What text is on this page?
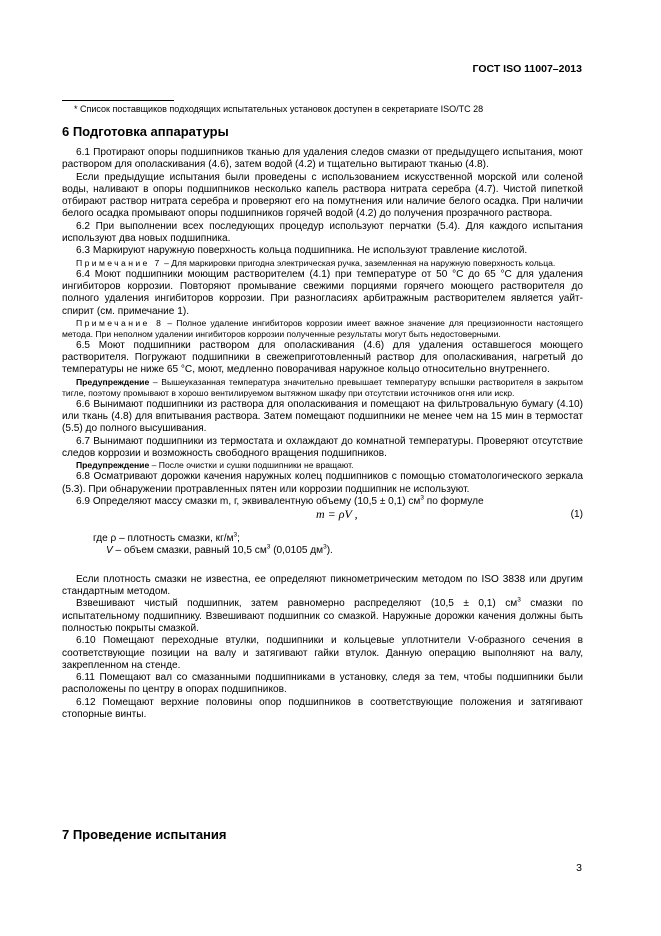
ГОСТ ISO 11007–2013
* Список поставщиков подходящих испытательных установок доступен в секретариате ISO/TC 28
6 Подготовка аппаратуры

6.1 Протирают опоры подшипников тканью для удаления следов смазки от предыдущего испытания, моют раствором для ополаскивания (4.6), затем водой (4.2) и тщательно вытирают тканью (4.8).

Если предыдущие испытания были проведены с использованием искусственной морской или соленой воды, наливают в опоры подшипников несколько капель раствора нитрата серебра (4.7). Чистой пипеткой отбирают раствор нитрата серебра и проверяют его на помутнения или наличие белого осадка. При наличии белого осадка промывают опоры подшипников горячей водой (4.2) до получения прозрачного раствора.

6.2 При выполнении всех последующих процедур используют перчатки (5.4). Для каждого испытания используют два новых подшипника.

6.3 Маркируют наружную поверхность кольца подшипника. Не используют травление кислотой.

Примечание 7 – Для маркировки пригодна электрическая ручка, заземленная на наружную поверхность кольца.

6.4 Моют подшипники моющим растворителем (4.1) при температуре от 50 °С до 65 °С для удаления ингибиторов коррозии. Повторяют промывание свежими порциями горячего моющего растворителя до полного удаления ингибиторов коррозии. При разногласиях арбитражным растворителем является уайт-спирит (см. примечание 1).

Примечание 8 – Полное удаление ингибиторов коррозии имеет важное значение для прецизионности настоящего метода. При неполном удалении ингибиторов коррозии полученные результаты могут быть недостоверными.

6.5 Моют подшипники раствором для ополаскивания (4.6) для удаления оставшегося моющего растворителя. Погружают подшипники в свежеприготовленный раствор для ополаскивания, нагретый до температуры не ниже 65 °С, моют, медленно поворачивая наружное кольцо относительно внутреннего.

Предупреждение – Вышеуказанная температура значительно превышает температуру вспышки растворителя в закрытом тигле, поэтому промывают в хорошо вентилируемом вытяжном шкафу при отсутствии источников огня или искр.

6.6 Вынимают подшипники из раствора для ополаскивания и помещают на фильтровальную бумагу (4.10) или ткань (4.8) для впитывания раствора. Затем помещают подшипники не менее чем на 15 мин в термостат (5.5) до полного высушивания.

6.7 Вынимают подшипники из термостата и охлаждают до комнатной температуры. Проверяют отсутствие следов коррозии и возможность свободного вращения подшипников.

Предупреждение – После очистки и сушки подшипники не вращают.

6.8 Осматривают дорожки качения наружных колец подшипников с помощью стоматологического зеркала (5.3). При обнаружении протравленных пятен или коррозии подшипник не используют.

6.9 Определяют массу смазки m, г, эквивалентную объему (10,5 ± 0,1) $см^3$ по формуле

m = ρV ,	(1)

где ρ – плотность смазки, $кг/м^3$;

V – объем смазки, равный 10,5 $см^3$ (0,0105 $дм^3$).

Если плотность смазки не известна, ее определяют пикнометрическим методом по ISO 3838 или другим стандартным методом.

Взвешивают чистый подшипник, затем равномерно распределяют (10,5 ± 0,1) $см^3$ смазки по испытательному подшипнику. Взвешивают подшипник со смазкой. Наружные дорожки качения должны быть полностью покрыты смазкой.

6.10 Помещают переходные втулки, подшипники и кольцевые уплотнители V-образного сечения в соответствующие позиции на валу и затягивают гайки втулок. Данную операцию выполняют на валу, закрепленном на стенде.

6.11 Помещают вал со смазанными подшипниками в установку, следя за тем, чтобы подшипники были расположены по центру в опорах подшипников.

6.12 Помещают верхние половины опор подшипников в соответствующие положения и затягивают стопорные винты.

7 Проведение испытания
3
